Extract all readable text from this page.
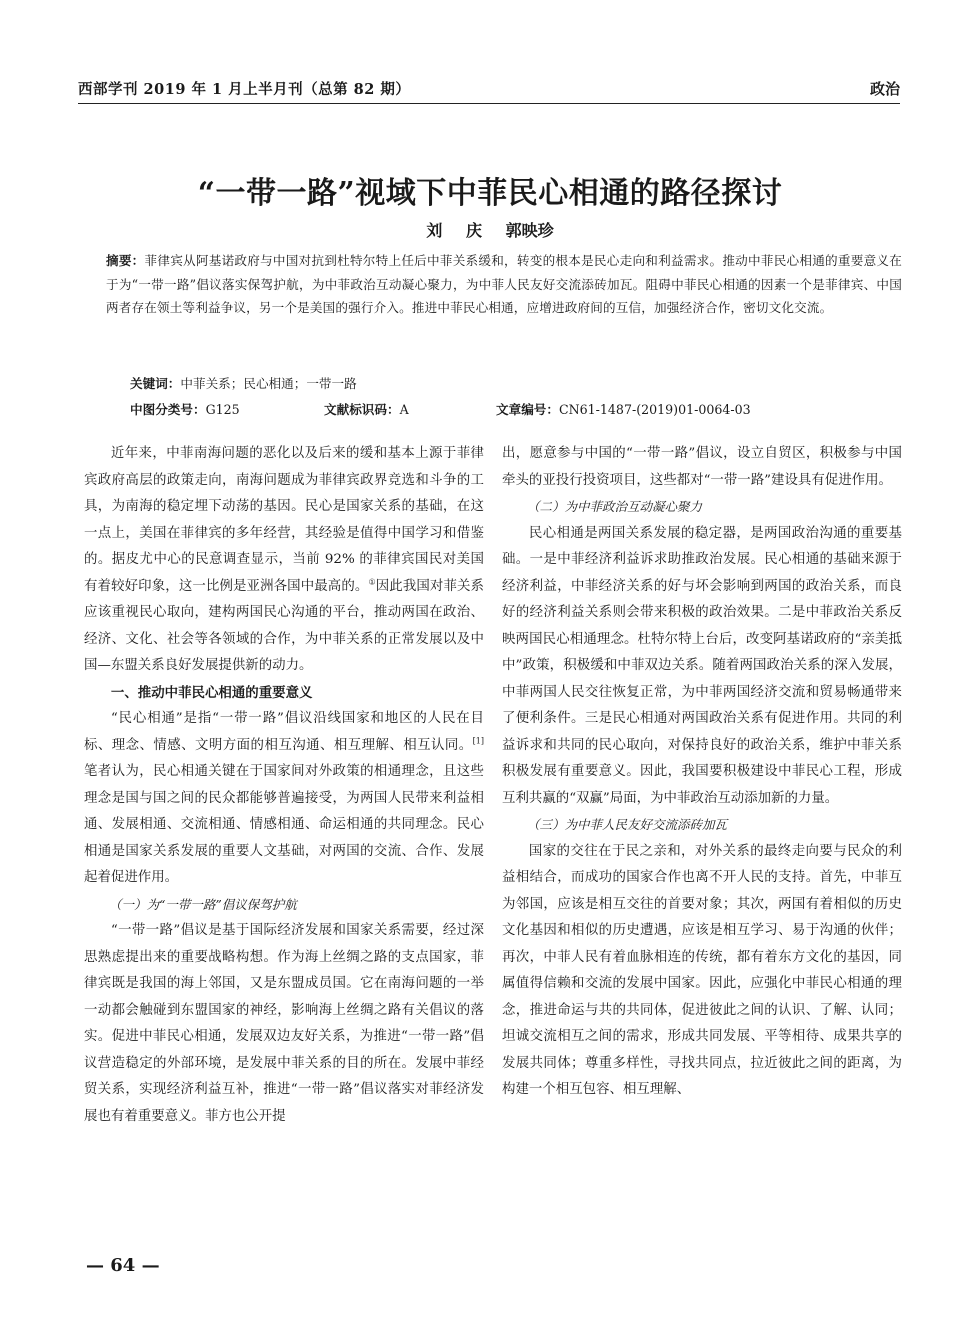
西部学刊 2019 年 1 月上半月刊（总第 82 期）	政治
“一带一路”视域下中菲民心相通的路径探讨
刘 庆 郭映珍
摘要：菲律宾从阿基诺政府与中国对抗到杜特尔特上任后中菲关系缓和，转变的根本是民心走向和利益需求。推动中菲民心相通的重要意义在于为“一带一路”倡议落实保驾护航，为中菲政治互动凝心聚力，为中菲人民友好交流添砖加瓦。阻碍中菲民心相通的因素一个是菲律宾、中国两者存在领土等利益争议，另一个是美国的强行介入。推进中菲民心相通，应增进政府间的互信，加强经济合作，密切文化交流。
关键词：中菲关系；民心相通；一带一路
中图分类号：G125	文献标识码：A	文章编号：CN61-1487-(2019)01-0064-03

近年来，中菲南海问题的恶化以及后来的缓和基本上源于菲律宾政府高层的政策走向，南海问题成为菲律宾政界竞选和斗争的工具，为南海的稳定埋下动荡的基因。民心是国家关系的基础，在这一点上，美国在菲律宾的多年经营，其经验是值得中国学习和借鉴的。据皮尤中心的民意调查显示，当前 92% 的菲律宾国民对美国有着较好印象，这一比例是亚洲各国中最高的。①因此我国对菲关系应该重视民心取向，建构两国民心沟通的平台，推动两国在政治、经济、文化、社会等各领域的合作，为中菲关系的正常发展以及中国—东盟关系良好发展提供新的动力。

一、推动中菲民心相通的重要意义

“民心相通”是指“一带一路”倡议沿线国家和地区的人民在目标、理念、情感、文明方面的相互沟通、相互理解、相互认同。[1]笔者认为，民心相通关键在于国家间对外政策的相通理念，且这些理念是国与国之间的民众都能够普遍接受，为两国人民带来利益相通、发展相通、交流相通、情感相通、命运相通的共同理念。民心相通是国家关系发展的重要人文基础，对两国的交流、合作、发展起着促进作用。

（一）为“一带一路”倡议保驾护航

“一带一路”倡议是基于国际经济发展和国家关系需要，经过深思熟虑提出来的重要战略构想。作为海上丝绸之路的支点国家，菲律宾既是我国的海上邻国，又是东盟成员国。它在南海问题的一举一动都会触碰到东盟国家的神经，影响海上丝绸之路有关倡议的落实。促进中菲民心相通，发展双边友好关系，为推进“一带一路”倡议营造稳定的外部环境，是发展中菲关系的目的所在。发展中菲经贸关系，实现经济利益互补，推进“一带一路”倡议落实对菲经济发展也有着重要意义。菲方也公开提

出，愿意参与中国的“一带一路”倡议，设立自贸区，积极参与中国牵头的亚投行投资项目，这些都对“一带一路”建设具有促进作用。

（二）为中菲政治互动凝心聚力

民心相通是两国关系发展的稳定器，是两国政治沟通的重要基础。一是中菲经济利益诉求助推政治发展。民心相通的基础来源于经济利益，中菲经济关系的好与坏会影响到两国的政治关系，而良好的经济利益关系则会带来积极的政治效果。二是中菲政治关系反映两国民心相通理念。杜特尔特上台后，改变阿基诺政府的“亲美抵中”政策，积极缓和中菲双边关系。随着两国政治关系的深入发展，中菲两国人民交往恢复正常，为中菲两国经济交流和贸易畅通带来了便利条件。三是民心相通对两国政治关系有促进作用。共同的利益诉求和共同的民心取向，对保持良好的政治关系，维护中菲关系积极发展有重要意义。因此，我国要积极建设中菲民心工程，形成互利共赢的“双赢”局面，为中菲政治互动添加新的力量。

（三）为中菲人民友好交流添砖加瓦

国家的交往在于民之亲和，对外关系的最终走向要与民众的利益相结合，而成功的国家合作也离不开人民的支持。首先，中菲互为邻国，应该是相互交往的首要对象；其次，两国有着相似的历史文化基因和相似的历史遭遇，应该是相互学习、易于沟通的伙伴；再次，中菲人民有着血脉相连的传统，都有着东方文化的基因，同属值得信赖和交流的发展中国家。因此，应强化中菲民心相通的理念，推进命运与共的共同体，促进彼此之间的认识、了解、认同；坦诚交流相互之间的需求，形成共同发展、平等相待、成果共享的发展共同体；尊重多样性，寻找共同点，拉近彼此之间的距离，为构建一个相互包容、相互理解、

— 64 —
